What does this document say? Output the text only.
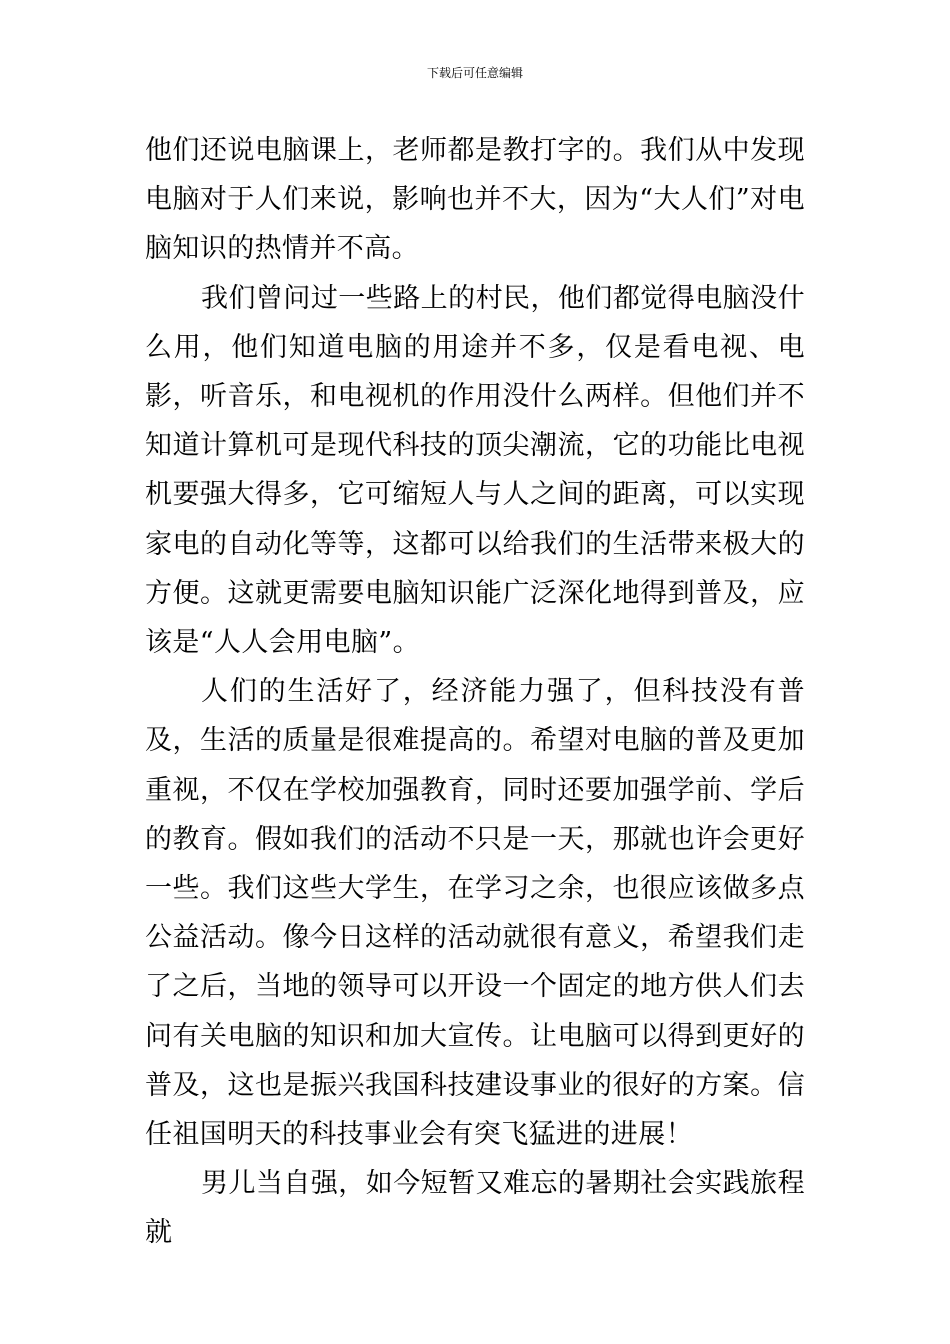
下载后可任意编辑

他们还说电脑课上，老师都是教打字的。我们从中发现电脑对于人们来说，影响也并不大，因为“大人们”对电脑知识的热情并不高。

我们曾问过一些路上的村民，他们都觉得电脑没什么用，他们知道电脑的用途并不多，仅是看电视、电影，听音乐，和电视机的作用没什么两样。但他们并不知道计算机可是现代科技的顶尖潮流，它的功能比电视机要强大得多，它可缩短人与人之间的距离，可以实现家电的自动化等等，这都可以给我们的生活带来极大的方便。这就更需要电脑知识能广泛深化地得到普及，应该是“人人会用电脑”。

人们的生活好了，经济能力强了，但科技没有普及，生活的质量是很难提高的。希望对电脑的普及更加重视，不仅在学校加强教育，同时还要加强学前、学后的教育。假如我们的活动不只是一天，那就也许会更好一些。我们这些大学生，在学习之余，也很应该做多点公益活动。像今日这样的活动就很有意义，希望我们走了之后，当地的领导可以开设一个固定的地方供人们去问有关电脑的知识和加大宣传。让电脑可以得到更好的普及，这也是振兴我国科技建设事业的很好的方案。信任祖国明天的科技事业会有突飞猛进的进展！

男儿当自强，如今短暂又难忘的暑期社会实践旅程就
